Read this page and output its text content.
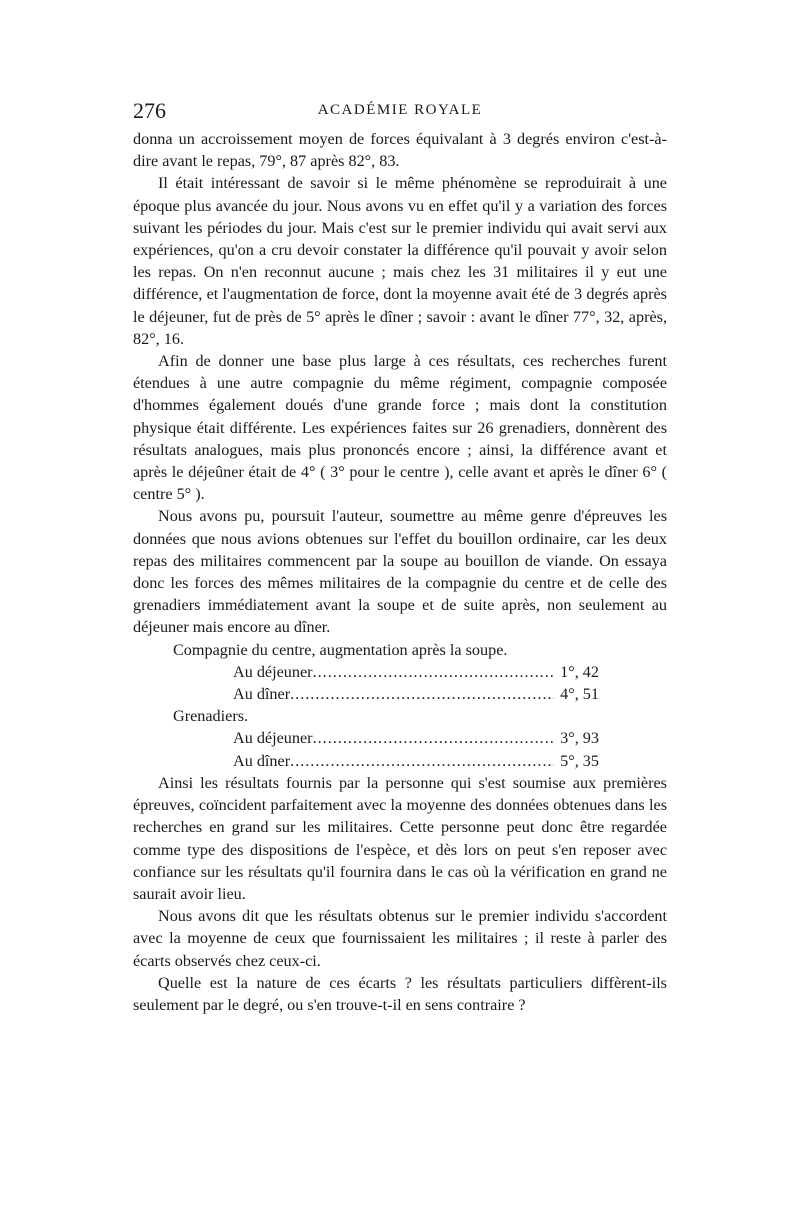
276	ACADÉMIE ROYALE

donna un accroissement moyen de forces équivalant à 3 degrés environ c'est-à-dire avant le repas, 79°, 87 après 82°, 83.

Il était intéressant de savoir si le même phénomène se reproduirait à une époque plus avancée du jour. Nous avons vu en effet qu'il y a variation des forces suivant les périodes du jour. Mais c'est sur le premier individu qui avait servi aux expériences, qu'on a cru devoir constater la différence qu'il pouvait y avoir selon les repas. On n'en reconnut aucune ; mais chez les 31 militaires il y eut une différence, et l'augmentation de force, dont la moyenne avait été de 3 degrés après le déjeuner, fut de près de 5° après le dîner ; savoir : avant le dîner 77°, 32, après, 82°, 16.

Afin de donner une base plus large à ces résultats, ces recherches furent étendues à une autre compagnie du même régiment, compagnie composée d'hommes également doués d'une grande force ; mais dont la constitution physique était différente. Les expériences faites sur 26 grenadiers, donnèrent des résultats analogues, mais plus prononcés encore ; ainsi, la différence avant et après le déjeûner était de 4° ( 3° pour le centre ), celle avant et après le dîner 6° ( centre 5° ).

Nous avons pu, poursuit l'auteur, soumettre au même genre d'épreuves les données que nous avions obtenues sur l'effet du bouillon ordinaire, car les deux repas des militaires commencent par la soupe au bouillon de viande. On essaya donc les forces des mêmes militaires de la compagnie du centre et de celle des grenadiers immédiatement avant la soupe et de suite après, non seulement au déjeuner mais encore au dîner.

Compagnie du centre, augmentation après la soupe.

Au déjeuner .....	1°, 42
Au dîner .....	4°, 51

Grenadiers.

Au déjeuner .....	3°, 93
Au dîner .....	5°, 35

Ainsi les résultats fournis par la personne qui s'est soumise aux premières épreuves, coïncident parfaitement avec la moyenne des données obtenues dans les recherches en grand sur les militaires. Cette personne peut donc être regardée comme type des dispositions de l'espèce, et dès lors on peut s'en reposer avec confiance sur les résultats qu'il fournira dans le cas où la vérification en grand ne saurait avoir lieu.

Nous avons dit que les résultats obtenus sur le premier individu s'accordent avec la moyenne de ceux que fournissaient les militaires ; il reste à parler des écarts observés chez ceux-ci.

Quelle est la nature de ces écarts ? les résultats particuliers diffèrent-ils seulement par le degré, ou s'en trouve-t-il en sens contraire ?
